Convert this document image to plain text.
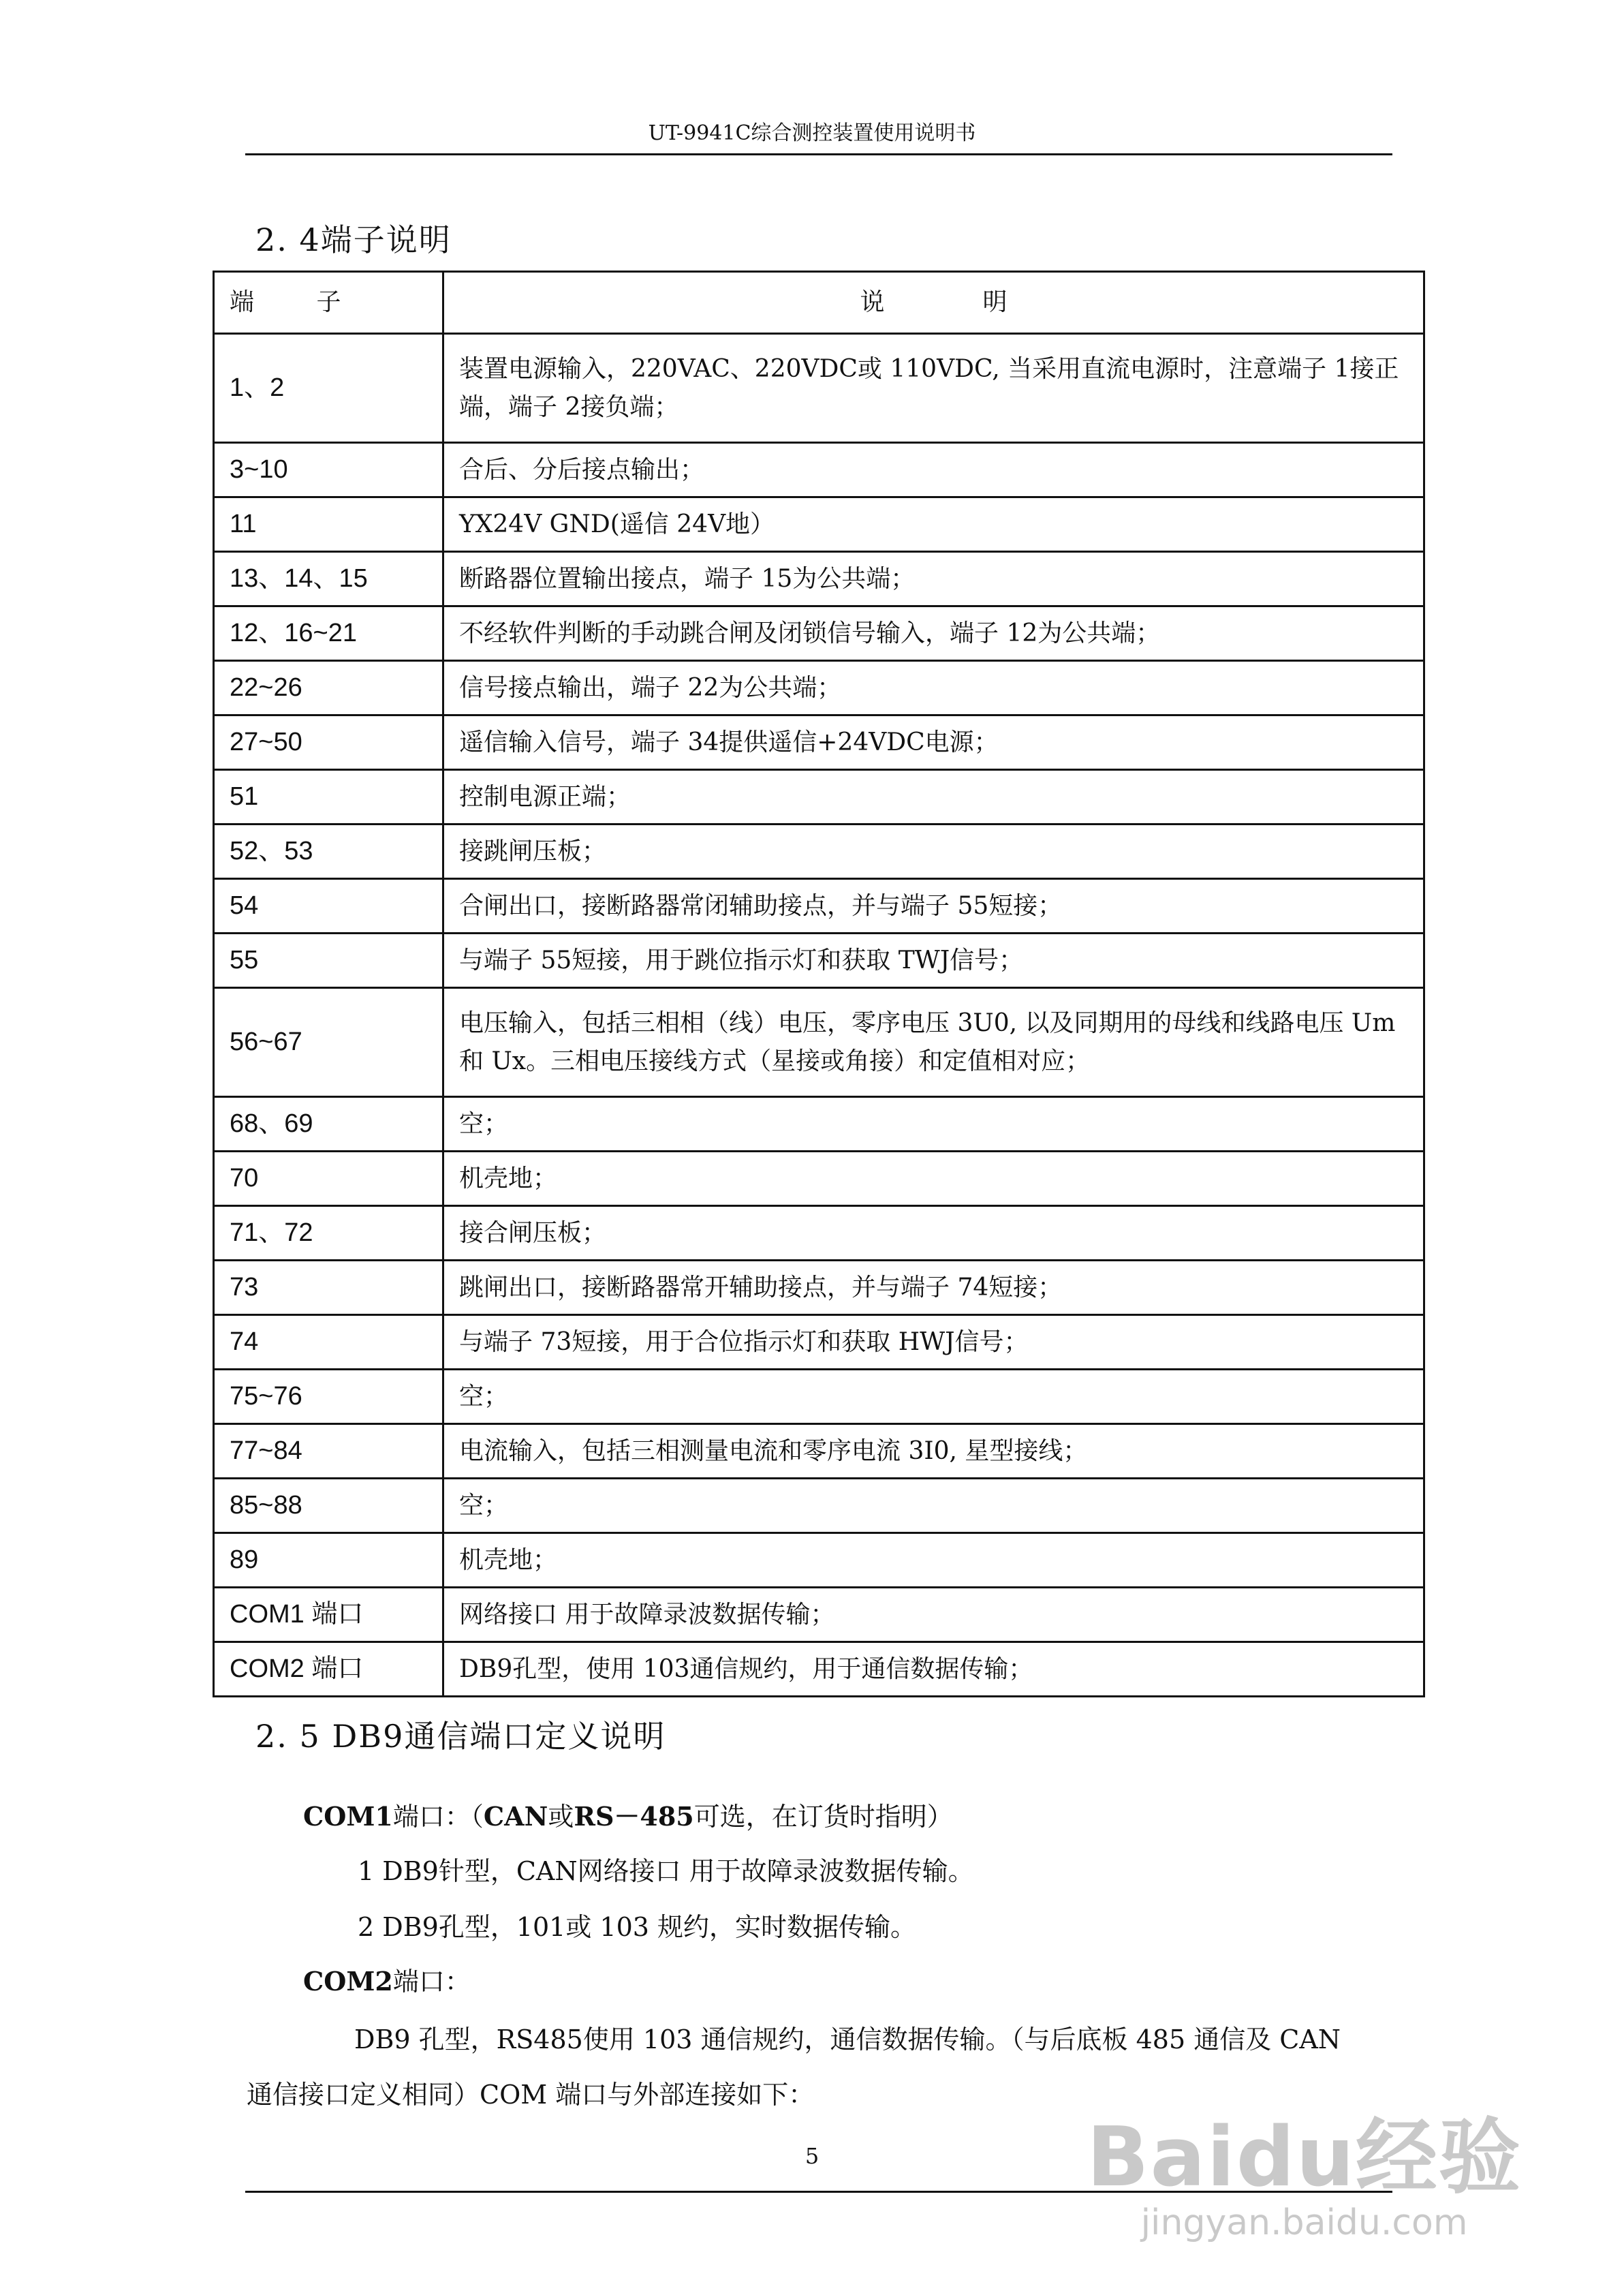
UT-9941C综合测控装置使用说明书
2. 4端子说明
端 子	说 明
1、2	装置电源输入，220VAC、220VDC或 110VDC, 当采用直流电源时，注意端子 1接正端，端子 2接负端；
3~10	合后、分后接点输出；
11	YX24V GND(遥信 24V地）
13、14、15	断路器位置输出接点，端子 15为公共端；
12、16~21	不经软件判断的手动跳合闸及闭锁信号输入，端子 12为公共端；
22~26	信号接点输出，端子 22为公共端；
27~50	遥信输入信号，端子 34提供遥信+24VDC电源；
51	控制电源正端；
52、53	接跳闸压板；
54	合闸出口，接断路器常闭辅助接点，并与端子 55短接；
55	与端子 55短接，用于跳位指示灯和获取 TWJ信号；
56~67	电压输入，包括三相相（线）电压，零序电压 3U0, 以及同期用的母线和线路电压 Um和 Ux。三相电压接线方式（星接或角接）和定值相对应；
68、69	空；
70	机壳地；
71、72	接合闸压板；
73	跳闸出口，接断路器常开辅助接点，并与端子 74短接；
74	与端子 73短接，用于合位指示灯和获取 HWJ信号；
75~76	空；
77~84	电流输入，包括三相测量电流和零序电流 3I0, 星型接线；
85~88	空；
89	机壳地；
COM1 端口	网络接口 用于故障录波数据传输；
COM2 端口	DB9孔型，使用 103通信规约，用于通信数据传输；
2. 5 DB9通信端口定义说明
COM1端口：（CAN或RS－485可选，在订货时指明）
1 DB9针型，CAN网络接口 用于故障录波数据传输。
2 DB9孔型，101或 103 规约，实时数据传输。
COM2端口：
DB9 孔型，RS485使用 103 通信规约，通信数据传输。（与后底板 485 通信及 CAN
通信接口定义相同）COM 端口与外部连接如下：
5	Baidu经验
jingyan.baidu.com
